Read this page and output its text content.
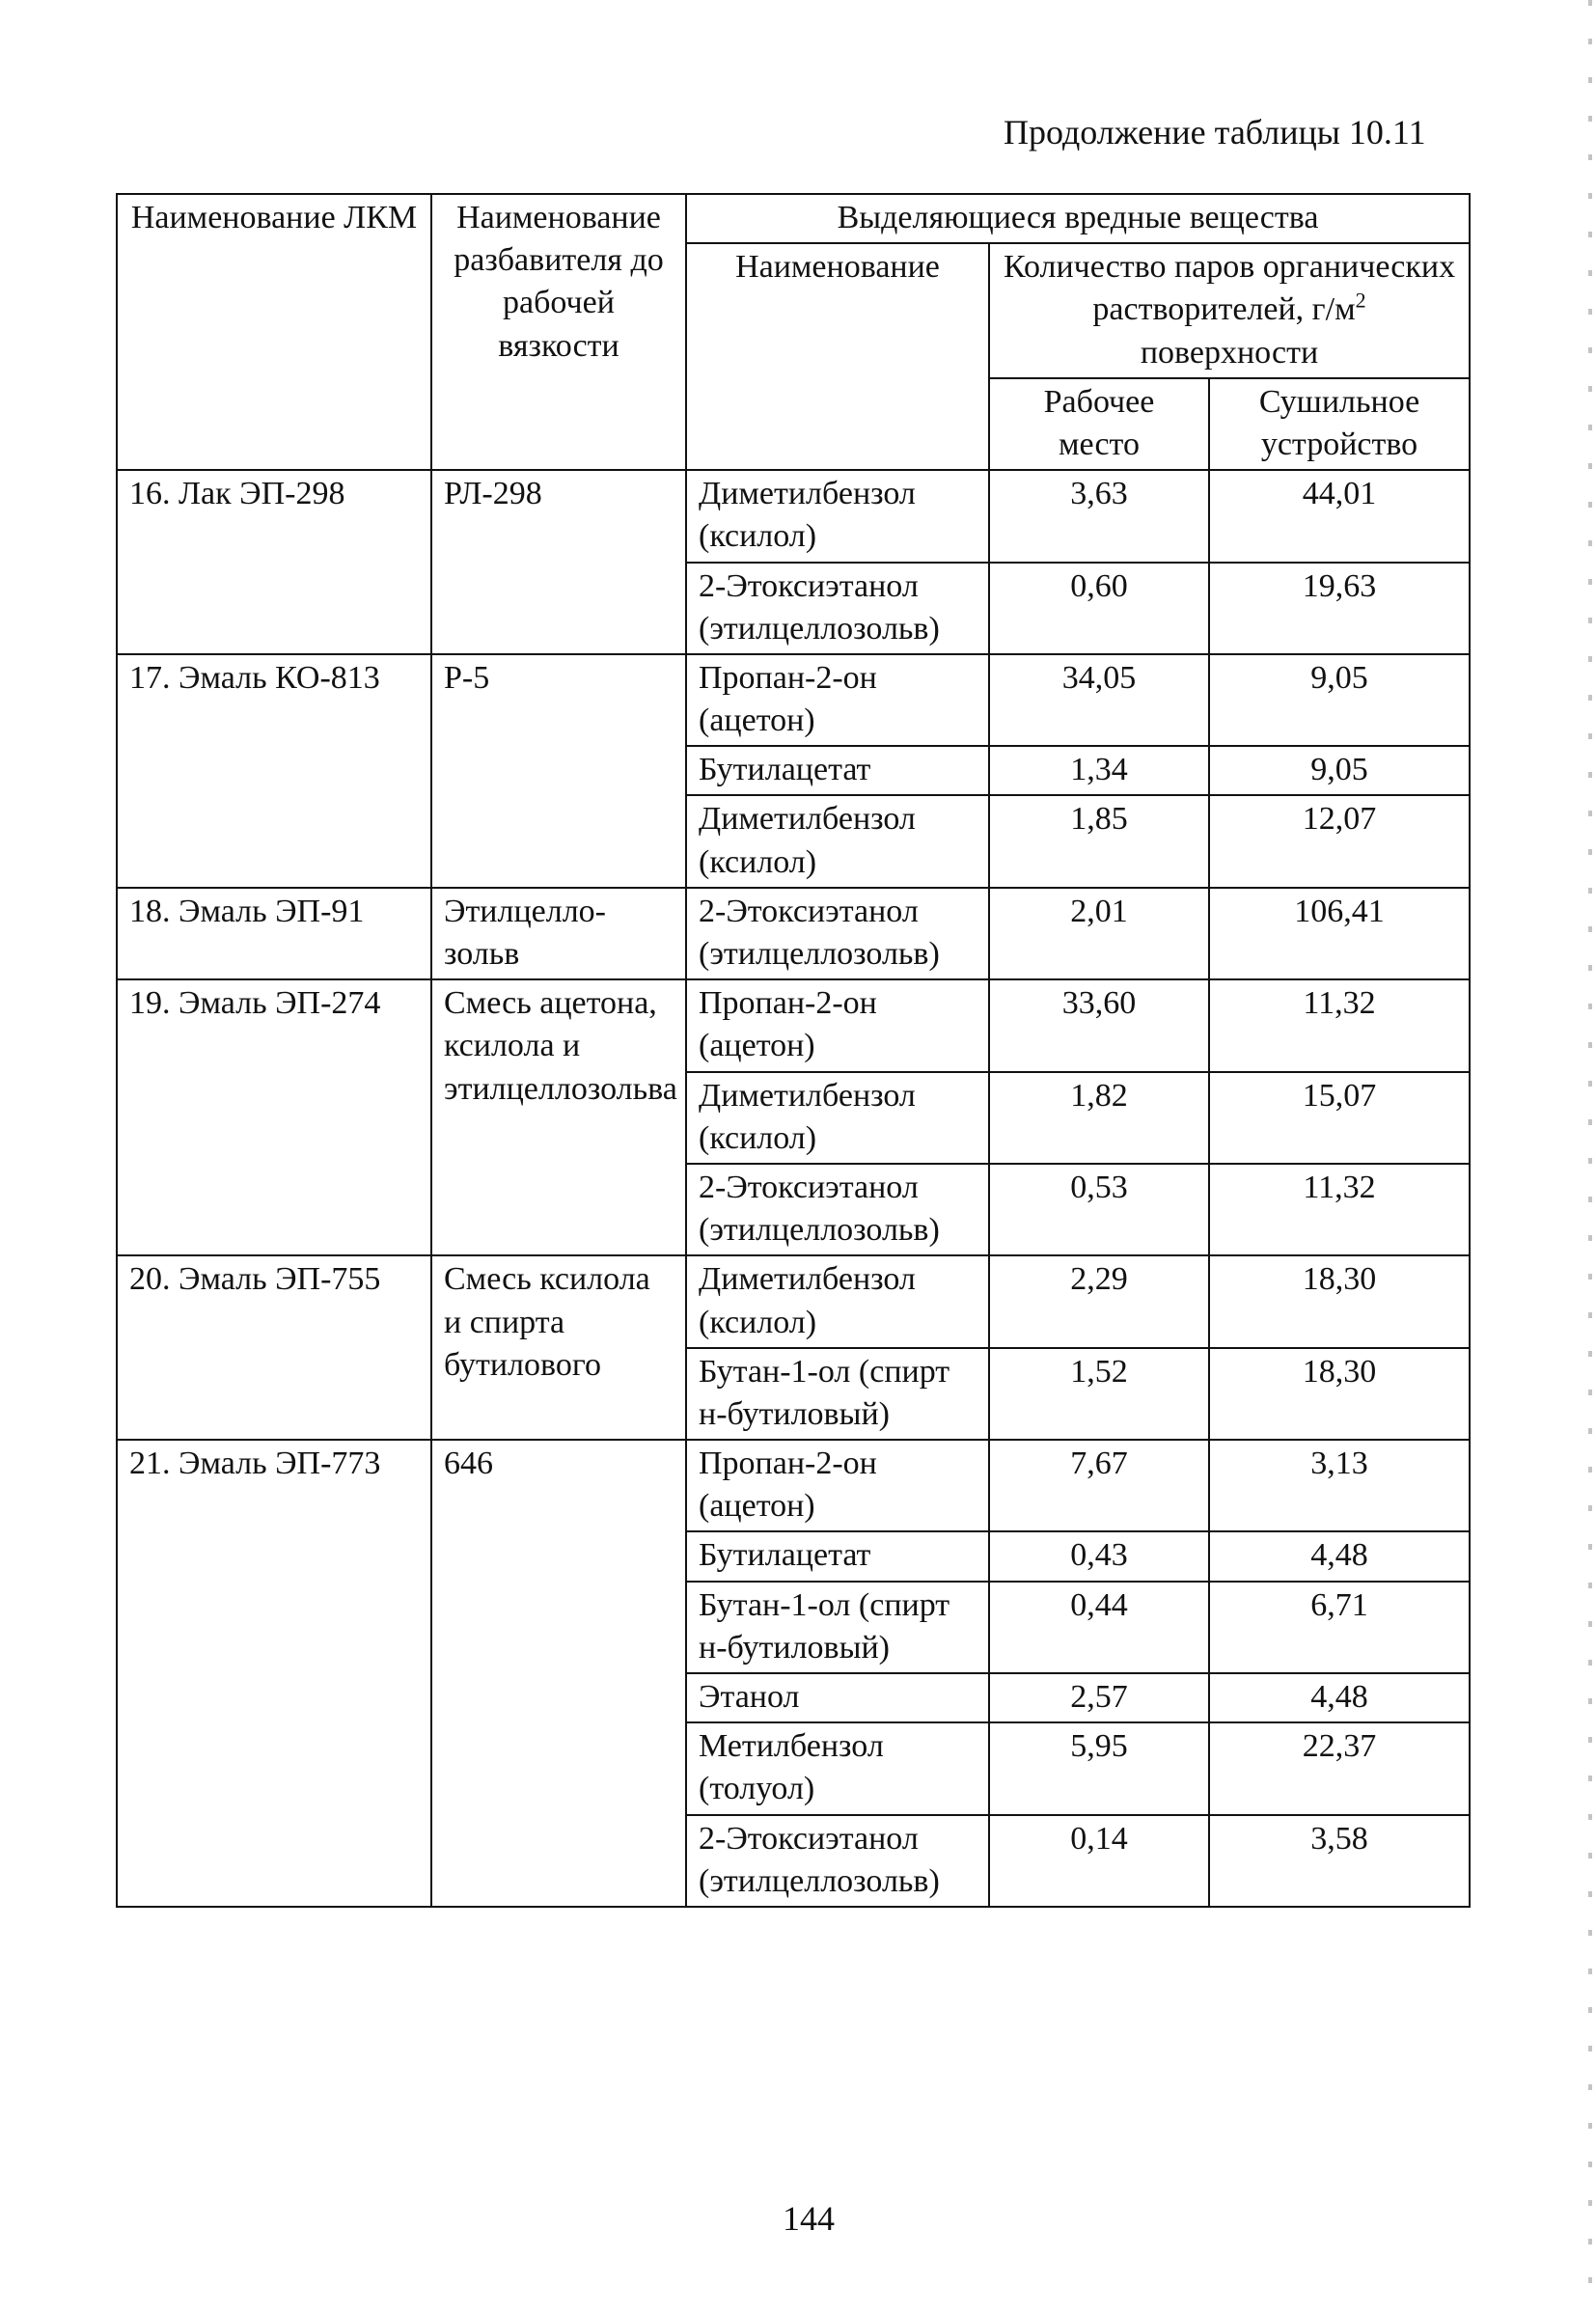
Продолжение таблицы 10.11
Наименование ЛКМ	Наименование разбавителя до рабочей вязкости	Выделяющиеся вредные вещества		
		Наименование	Количество паров органических растворителей, $г/м^2$ поверхности	
			Рабочее место	Сушильное устройство
16. Лак ЭП-298	РЛ-298	Диметилбензол (ксилол)	3,63	44,01
		2-Этоксиэтанол (этилцеллозольв)	0,60	19,63
17. Эмаль КО-813	Р-5	Пропан-2-он (ацетон)	34,05	9,05
		Бутилацетат	1,34	9,05
		Диметилбензол (ксилол)	1,85	12,07
18. Эмаль ЭП-91	Этилцелло-зольв	2-Этоксиэтанол (этилцеллозольв)	2,01	106,41
19. Эмаль ЭП-274	Смесь ацетона, ксилола и этилцеллозольва	Пропан-2-он (ацетон)	33,60	11,32
		Диметилбензол (ксилол)	1,82	15,07
		2-Этоксиэтанол (этилцеллозольв)	0,53	11,32
20. Эмаль ЭП-755	Смесь ксилола и спирта бутилового	Диметилбензол (ксилол)	2,29	18,30
		Бутан-1-ол (спирт н-бутиловый)	1,52	18,30
21. Эмаль ЭП-773	646	Пропан-2-он (ацетон)	7,67	3,13
		Бутилацетат	0,43	4,48
		Бутан-1-ол (спирт н-бутиловый)	0,44	6,71
		Этанол	2,57	4,48
		Метилбензол (толуол)	5,95	22,37
		2-Этоксиэтанол (этилцеллозольв)	0,14	3,58
144
